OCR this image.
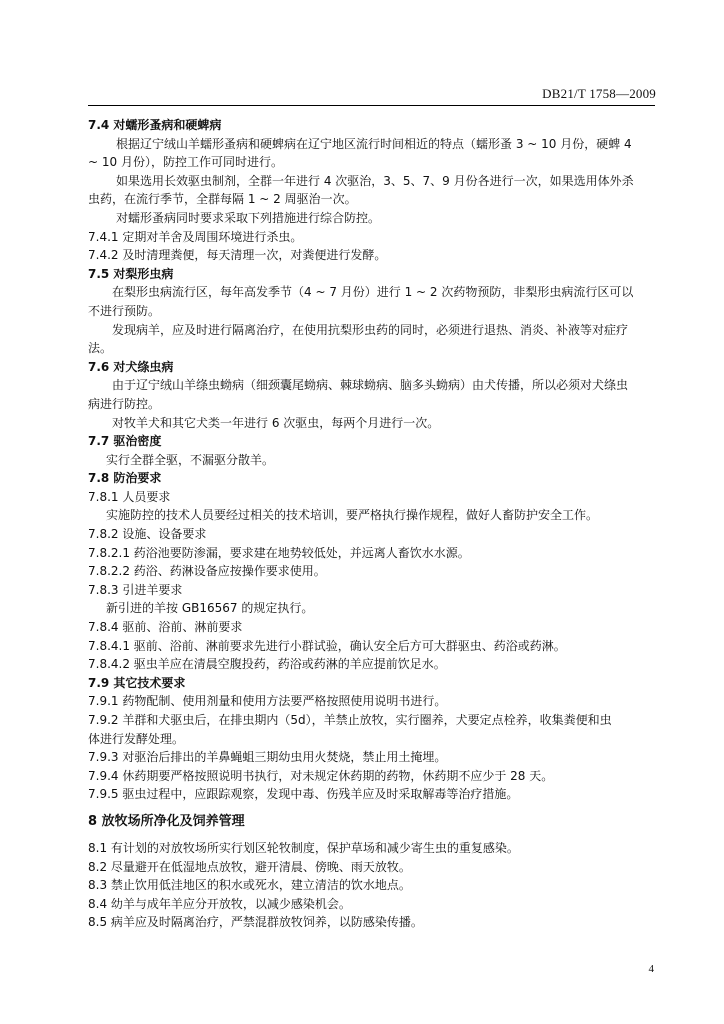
DB21/T 1758—2009
7.4 对蠕形蚤病和硬蜱病
根据辽宁绒山羊蠕形蚤病和硬蜱病在辽宁地区流行时间相近的特点（蠕形蚤 3 ~ 10 月份，硬蜱 4
~ 10 月份），防控工作可同时进行。
如果选用长效驱虫制剂，全群一年进行 4 次驱治，3、5、7、9 月份各进行一次，如果选用体外杀
虫药，在流行季节，全群每隔 1 ~ 2 周驱治一次。
对蠕形蚤病同时要求采取下列措施进行综合防控。
7.4.1 定期对羊舍及周围环境进行杀虫。
7.4.2 及时清理粪便，每天清理一次，对粪便进行发酵。
7.5 对梨形虫病
在梨形虫病流行区，每年高发季节（4 ~ 7 月份）进行 1 ~ 2 次药物预防，非梨形虫病流行区可以
不进行预防。
发现病羊，应及时进行隔离治疗，在使用抗梨形虫药的同时，必须进行退热、消炎、补液等对症疗
法。
7.6 对犬绦虫病
由于辽宁绒山羊绦虫蚴病（细颈囊尾蚴病、棘球蚴病、脑多头蚴病）由犬传播，所以必须对犬绦虫
病进行防控。
对牧羊犬和其它犬类一年进行 6 次驱虫，每两个月进行一次。
7.7 驱治密度
实行全群全驱，不漏驱分散羊。
7.8 防治要求
7.8.1 人员要求
实施防控的技术人员要经过相关的技术培训，要严格执行操作规程，做好人畜防护安全工作。
7.8.2 设施、设备要求
7.8.2.1 药浴池要防渗漏，要求建在地势较低处，并远离人畜饮水水源。
7.8.2.2 药浴、药淋设备应按操作要求使用。
7.8.3 引进羊要求
新引进的羊按 GB16567 的规定执行。
7.8.4 驱前、浴前、淋前要求
7.8.4.1 驱前、浴前、淋前要求先进行小群试验，确认安全后方可大群驱虫、药浴或药淋。
7.8.4.2 驱虫羊应在清晨空腹投药，药浴或药淋的羊应提前饮足水。
7.9 其它技术要求
7.9.1 药物配制、使用剂量和使用方法要严格按照使用说明书进行。
7.9.2 羊群和犬驱虫后，在排虫期内（5d），羊禁止放牧，实行圈养，犬要定点栓养，收集粪便和虫
体进行发酵处理。
7.9.3 对驱治后排出的羊鼻蝇蛆三期幼虫用火焚烧，禁止用土掩埋。
7.9.4 休药期要严格按照说明书执行，对未规定休药期的药物，休药期不应少于 28 天。
7.9.5 驱虫过程中，应跟踪观察，发现中毒、伤残羊应及时采取解毒等治疗措施。
8 放牧场所净化及饲养管理
8.1 有计划的对放牧场所实行划区轮牧制度，保护草场和减少寄生虫的重复感染。
8.2 尽量避开在低湿地点放牧，避开清晨、傍晚、雨天放牧。
8.3 禁止饮用低洼地区的积水或死水，建立清洁的饮水地点。
8.4 幼羊与成年羊应分开放牧，以减少感染机会。
8.5 病羊应及时隔离治疗，严禁混群放牧饲养，以防感染传播。
4
